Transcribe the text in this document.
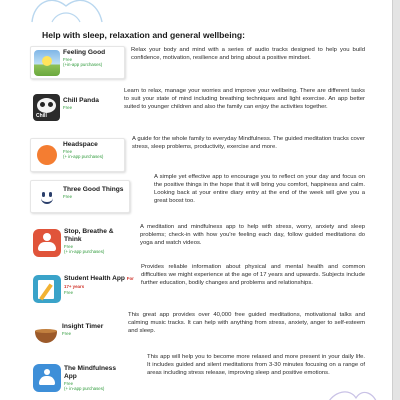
Help with sleep, relaxation and general wellbeing:
Feeling Good
Free
(+in-app purchases)
Relax your body and mind with a series of audio tracks designed to help you build confidence, motivation, resilience and bring about a positive mindset.
Chill
Chill Panda
Free
Learn to relax, manage your worries and improve your wellbeing. There are different tasks to suit your state of mind including breathing techniques and light exercise. An app better suited to younger children and also the family can enjoy the activities together.
Headspace
Free
(+ in-app purchases)
A guide for the whole family to everyday Mindfulness. The guided meditation tracks cover stress, sleep problems, productivity, exercise and more.
Three Good Things
Free
A simple yet effective app to encourage you to reflect on your day and focus on the positive things in the hope that it will bring you comfort, happiness and calm. Looking back at your entire diary entry at the end of the week will give you a great boost too.
Stop, Breathe & Think
Free
(+ in-app purchases)
A meditation and mindfulness app to help with stress, worry, anxiety and sleep problems; check-in with how you're feeling each day, follow guided meditations do yoga and watch videos.
Student Health App For 17+ years
Free
Provides reliable information about physical and mental health and common difficulties we might experience at the age of 17 years and upwards. Subjects include further education, bodily changes and problems and relationships.
Insight Timer
Free
This great app provides over 40,000 free guided meditations, motivational talks and calming music tracks. It can help with anything from stress, anxiety, anger to self-esteem and sleep.
The Mindfulness App
Free
(+ in-app purchases)
This app will help you to become more relaxed and more present in your daily life. It includes guided and silent meditations from 3-30 minutes focusing on a range of areas including stress release, improving sleep and positive emotions.
